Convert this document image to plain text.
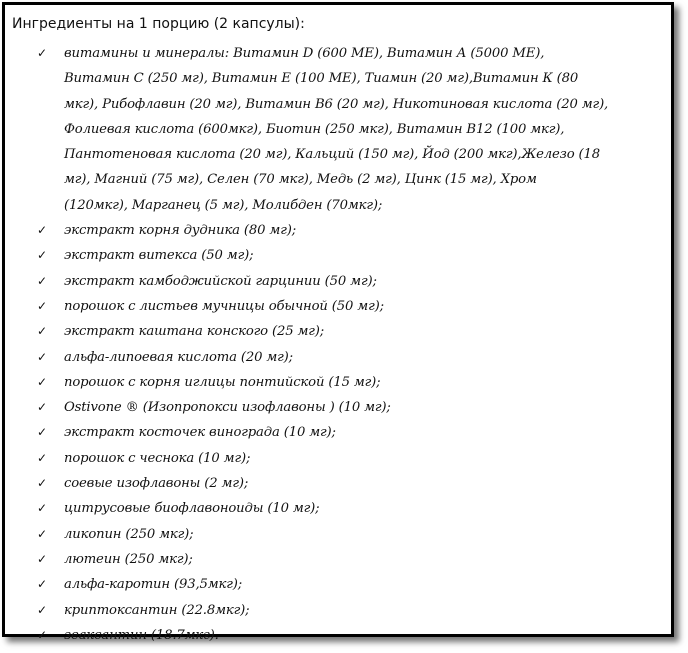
Ингредиенты на 1 порцию (2 капсулы):
✓ витамины и минералы: Витамин D (600 МЕ), Витамин А (5000 МЕ),
Витамин С (250 мг), Витамин Е (100 МЕ), Тиамин (20 мг),Витамин К (80
мкг), Рибофлавин (20 мг), Витамин В6 (20 мг), Никотиновая кислота (20 мг),
Фолиевая кислота (600мкг), Биотин (250 мкг), Витамин В12 (100 мкг),
Пантотеновая кислота (20 мг), Кальций (150 мг), Йод (200 мкг),Железо (18
мг), Магний (75 мг), Селен (70 мкг), Медь (2 мг), Цинк (15 мг), Хром
(120мкг), Марганец (5 мг), Молибден (70мкг);
✓ экстракт корня дудника (80 мг);
✓ экстракт витекса (50 мг);
✓ экстракт камбоджийской гарцинии (50 мг);
✓ порошок с листьев мучницы обычной (50 мг);
✓ экстракт каштана конского (25 мг);
✓ альфа-липоевая кислота (20 мг);
✓ порошок с корня иглицы понтийской (15 мг);
✓ Ostivone ® (Изопропокси изофлавоны ) (10 мг);
✓ экстракт косточек винограда (10 мг);
✓ порошок с чеснока (10 мг);
✓ соевые изофлавоны (2 мг);
✓ цитрусовые биофлавоноиды (10 мг);
✓ ликопин (250 мкг);
✓ лютеин (250 мкг);
✓ альфа-каротин (93,5мкг);
✓ криптоксантин (22.8мкг);
✓ зеаксантин (18.7мкг).
